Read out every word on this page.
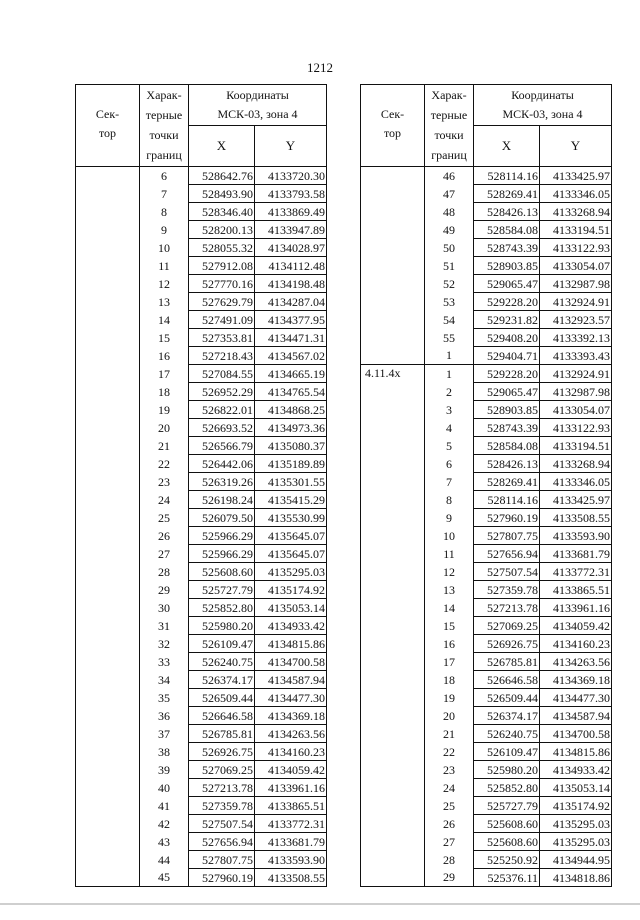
1212
Сек-
тор	Харак-
терные
точки
границ	Координаты
МСК-03, зона 4	
		X	Y
	6	528642.76	4133720.30
	7	528493.90	4133793.58
	8	528346.40	4133869.49
	9	528200.13	4133947.89
	10	528055.32	4134028.97
	11	527912.08	4134112.48
	12	527770.16	4134198.48
	13	527629.79	4134287.04
	14	527491.09	4134377.95
	15	527353.81	4134471.31
	16	527218.43	4134567.02
	17	527084.55	4134665.19
	18	526952.29	4134765.54
	19	526822.01	4134868.25
	20	526693.52	4134973.36
	21	526566.79	4135080.37
	22	526442.06	4135189.89
	23	526319.26	4135301.55
	24	526198.24	4135415.29
	25	526079.50	4135530.99
	26	525966.29	4135645.07
	27	525966.29	4135645.07
	28	525608.60	4135295.03
	29	525727.79	4135174.92
	30	525852.80	4135053.14
	31	525980.20	4134933.42
	32	526109.47	4134815.86
	33	526240.75	4134700.58
	34	526374.17	4134587.94
	35	526509.44	4134477.30
	36	526646.58	4134369.18
	37	526785.81	4134263.56
	38	526926.75	4134160.23
	39	527069.25	4134059.42
	40	527213.78	4133961.16
	41	527359.78	4133865.51
	42	527507.54	4133772.31
	43	527656.94	4133681.79
	44	527807.75	4133593.90
	45	527960.19	4133508.55
Сек-
тор	Харак-
терные
точки
границ	Координаты
МСК-03, зона 4	
		X	Y
	46	528114.16	4133425.97
	47	528269.41	4133346.05
	48	528426.13	4133268.94
	49	528584.08	4133194.51
	50	528743.39	4133122.93
	51	528903.85	4133054.07
	52	529065.47	4132987.98
	53	529228.20	4132924.91
	54	529231.82	4132923.57
	55	529408.20	4133392.13
	1	529404.71	4133393.43
4.11.4x	1	529228.20	4132924.91
	2	529065.47	4132987.98
	3	528903.85	4133054.07
	4	528743.39	4133122.93
	5	528584.08	4133194.51
	6	528426.13	4133268.94
	7	528269.41	4133346.05
	8	528114.16	4133425.97
	9	527960.19	4133508.55
	10	527807.75	4133593.90
	11	527656.94	4133681.79
	12	527507.54	4133772.31
	13	527359.78	4133865.51
	14	527213.78	4133961.16
	15	527069.25	4134059.42
	16	526926.75	4134160.23
	17	526785.81	4134263.56
	18	526646.58	4134369.18
	19	526509.44	4134477.30
	20	526374.17	4134587.94
	21	526240.75	4134700.58
	22	526109.47	4134815.86
	23	525980.20	4134933.42
	24	525852.80	4135053.14
	25	525727.79	4135174.92
	26	525608.60	4135295.03
	27	525608.60	4135295.03
	28	525250.92	4134944.95
	29	525376.11	4134818.86
